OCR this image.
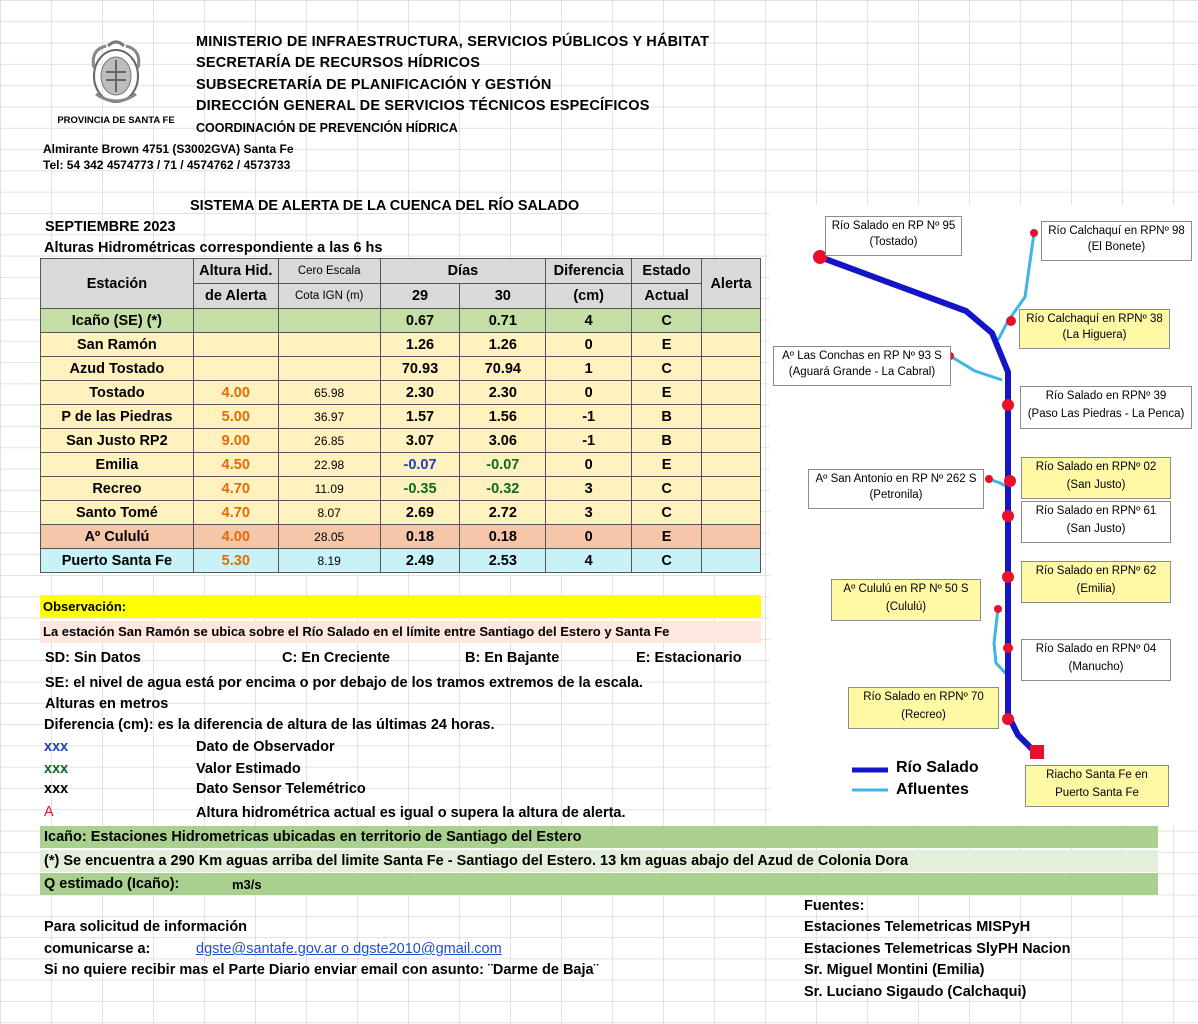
PROVINCIA DE SANTA FE
MINISTERIO DE INFRAESTRUCTURA, SERVICIOS PÚBLICOS Y HÁBITAT
SECRETARÍA DE RECURSOS HÍDRICOS
SUBSECRETARÍA DE PLANIFICACIÓN Y GESTIÓN
DIRECCIÓN GENERAL DE SERVICIOS TÉCNICOS ESPECÍFICOS
COORDINACIÓN DE PREVENCIÓN HÍDRICA
Almirante Brown 4751 (S3002GVA) Santa Fe
Tel: 54 342 4574773 / 71 / 4574762 / 4573733
SISTEMA DE ALERTA DE LA CUENCA DEL RÍO SALADO
SEPTIEMBRE 2023
Alturas Hidrométricas correspondiente a las 6 hs
Estación	Altura Hid.	Cero Escala	Días		Diferencia	Estado	Alerta
	de Alerta	Cota IGN (m)	29	30	(cm)	Actual	
Icaño (SE) (*)			0.67	0.71	4	C	
San Ramón			1.26	1.26	0	E	
Azud Tostado			70.93	70.94	1	C	
Tostado	4.00	65.98	2.30	2.30	0	E	
P de las Piedras	5.00	36.97	1.57	1.56	-1	B	
San Justo RP2	9.00	26.85	3.07	3.06	-1	B	
Emilia	4.50	22.98	-0.07	-0.07	0	E	
Recreo	4.70	11.09	-0.35	-0.32	3	C	
Santo Tomé	4.70	8.07	2.69	2.72	3	C	
Aº Cululú	4.00	28.05	0.18	0.18	0	E	
Puerto Santa Fe	5.30	8.19	2.49	2.53	4	C	
Observación:
La estación San Ramón se ubica sobre el Río Salado en el límite entre Santiago del Estero y Santa Fe
SD: Sin Datos	C: En Creciente	B: En Bajante	E: Estacionario
SE: el nivel de agua está por encima o por debajo de los tramos extremos de la escala.
Alturas en metros
Diferencia (cm): es la diferencia de altura de las últimas 24 horas.
xxx	Dato de Observador
xxx	Valor Estimado
xxx	Dato Sensor Telemétrico
A	Altura hidrométrica actual es igual o supera la altura de alerta.
Icaño: Estaciones Hidrometricas ubicadas en territorio de Santiago del Estero
(*) Se encuentra a 290 Km aguas arriba del limite Santa Fe - Santiago del Estero. 13 km aguas abajo del Azud de Colonia Dora
Q estimado (Icaño):	m3/s
Para solicitud de información
comunicarse a:	dgste@santafe.gov.ar o dgste2010@gmail.com
Si no quiere recibir mas el Parte Diario enviar email con asunto: ¨Darme de Baja¨
Fuentes:
Estaciones Telemetricas MISPyH
Estaciones Telemetricas SlyPH Nacion
Sr. Miguel Montini (Emilia)
Sr. Luciano Sigaudo (Calchaqui)
Río Salado en RP Nº 95
(Tostado)
Río Calchaquí en RPNº 98
(El Bonete)
Río Calchaquí en RPNº 38
(La Higuera)
Aº Las Conchas en RP Nº 93 S
(Aguará Grande - La Cabral)
Río Salado en RPNº 39
(Paso Las Piedras - La Penca)
Aº San Antonio en RP Nº 262 S
(Petronila)
Río Salado en RPNº 02
(San Justo)
Río Salado en RPNº 61
(San Justo)
Río Salado en RPNº 62
(Emilia)
Aº Cululú en RP Nº 50 S
(Cululú)
Río Salado en RPNº 04
(Manucho)
Río Salado en RPNº 70
(Recreo)
Riacho Santa Fe en
Puerto Santa Fe
Río Salado
Afluentes
